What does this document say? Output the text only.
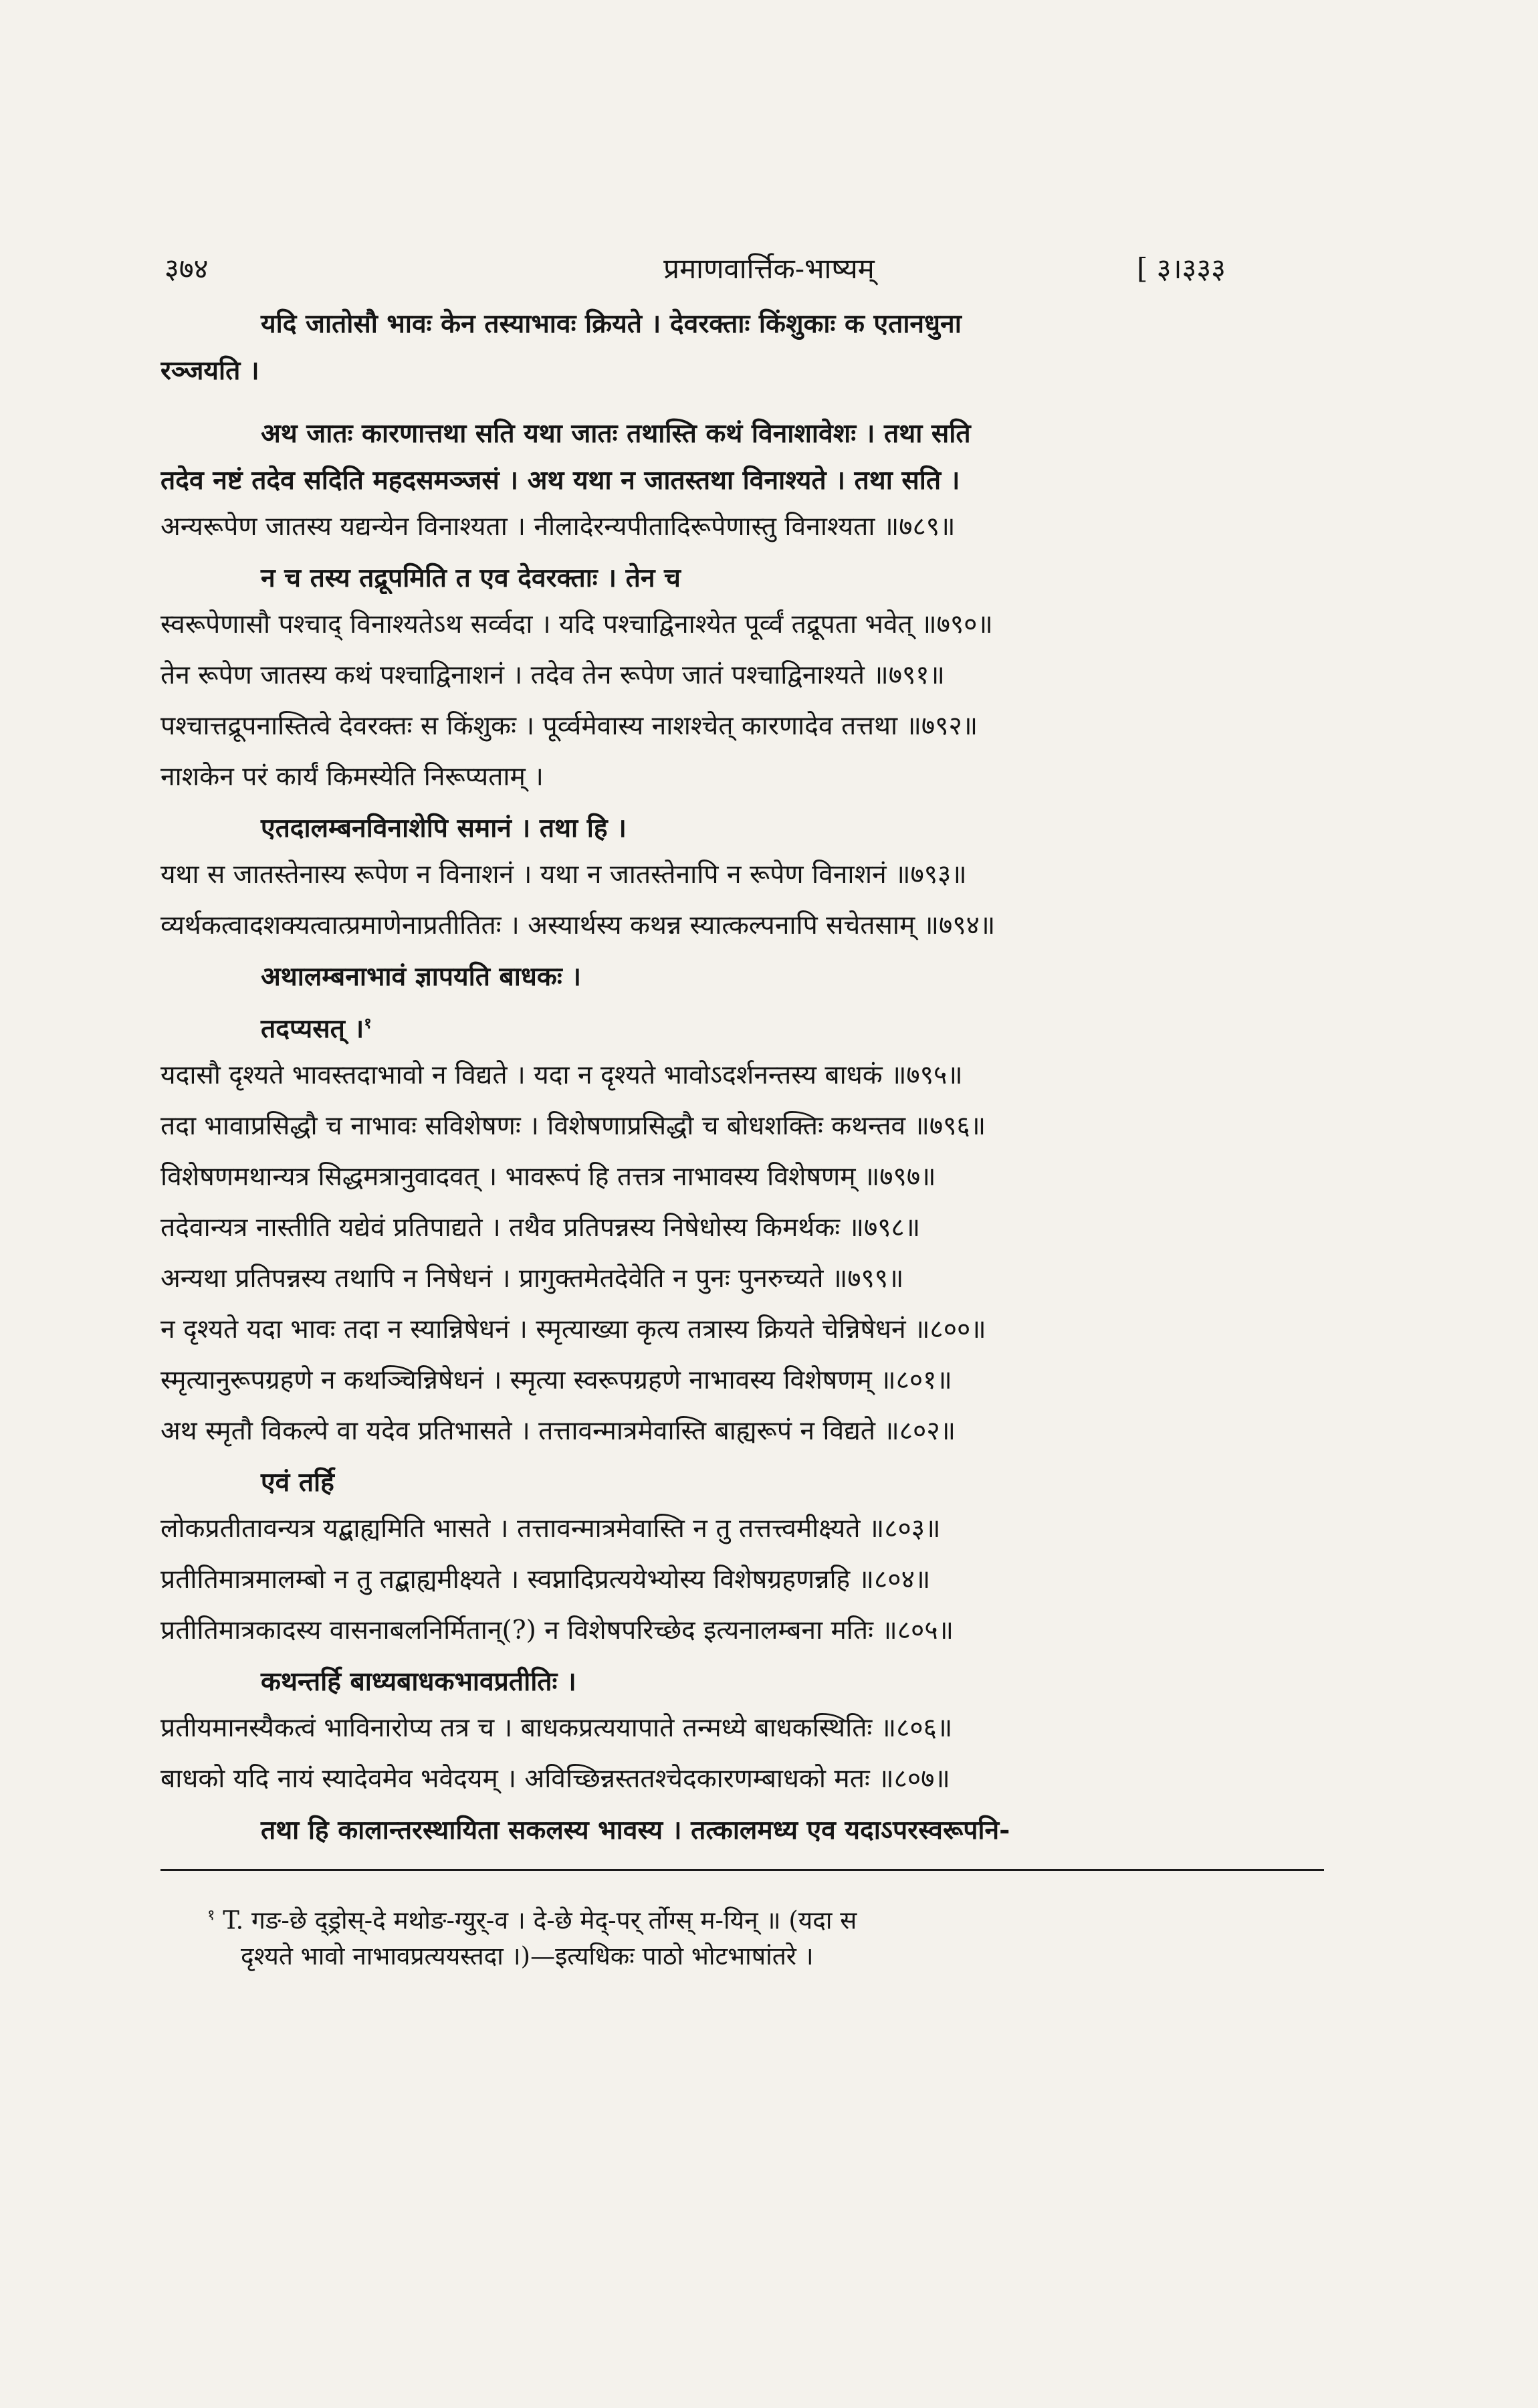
३७४	प्रमाणवार्त्तिक-भाष्यम्	[ ३।३३३
यदि जातोसौ भावः केन तस्याभावः क्रियते । देवरक्ताः किंशुकाः क एतानधुना
रञ्जयति ।
अथ जातः कारणात्तथा सति यथा जातः तथास्ति कथं विनाशावेशः । तथा सति
तदेव नष्टं तदेव सदिति महदसमञ्जसं । अथ यथा न जातस्तथा विनाश्यते । तथा सति ।
अन्यरूपेण जातस्य यद्यन्येन विनाश्यता । नीलादेरन्यपीतादिरूपेणास्तु विनाश्यता ॥७८९॥
न च तस्य तद्रूपमिति त एव देवरक्ताः । तेन च
स्वरूपेणासौ पश्चाद् विनाश्यतेऽथ सर्व्वदा । यदि पश्चाद्विनाश्येत पूर्व्वं तद्रूपता भवेत् ॥७९०॥
तेन रूपेण जातस्य कथं पश्चाद्विनाशनं । तदेव तेन रूपेण जातं पश्चाद्विनाश्यते ॥७९१॥
पश्चात्तद्रूपनास्तित्वे देवरक्तः स किंशुकः । पूर्व्वमेवास्य नाशश्चेत् कारणादेव तत्तथा ॥७९२॥
नाशकेन परं कार्यं किमस्येति निरूप्यताम् ।
एतदालम्बनविनाशेपि समानं । तथा हि ।
यथा स जातस्तेनास्य रूपेण न विनाशनं । यथा न जातस्तेनापि न रूपेण विनाशनं ॥७९३॥
व्यर्थकत्वादशक्यत्वात्प्रमाणेनाप्रतीतितः । अस्यार्थस्य कथन्न स्यात्कल्पनापि सचेतसाम् ॥७९४॥
अथालम्बनाभावं ज्ञापयति बाधकः ।
तदप्यसत् ।$^१$
यदासौ दृश्यते भावस्तदाभावो न विद्यते । यदा न दृश्यते भावोऽदर्शनन्तस्य बाधकं ॥७९५॥
तदा भावाप्रसिद्धौ च नाभावः सविशेषणः । विशेषणाप्रसिद्धौ च बोधशक्तिः कथन्तव ॥७९६॥
विशेषणमथान्यत्र सिद्धमत्रानुवादवत् । भावरूपं हि तत्तत्र नाभावस्य विशेषणम् ॥७९७॥
तदेवान्यत्र नास्तीति यद्येवं प्रतिपाद्यते । तथैव प्रतिपन्नस्य निषेधोस्य किमर्थकः ॥७९८॥
अन्यथा प्रतिपन्नस्य तथापि न निषेधनं । प्रागुक्तमेतदेवेति न पुनः पुनरुच्यते ॥७९९॥
न दृश्यते यदा भावः तदा न स्यान्निषेधनं । स्मृत्याख्या कृत्य तत्रास्य क्रियते चेन्निषेधनं ॥८००॥
स्मृत्यानुरूपग्रहणे न कथञ्चिन्निषेधनं । स्मृत्या स्वरूपग्रहणे नाभावस्य विशेषणम् ॥८०१॥
अथ स्मृतौ विकल्पे वा यदेव प्रतिभासते । तत्तावन्मात्रमेवास्ति बाह्यरूपं न विद्यते ॥८०२॥
एवं तर्हि
लोकप्रतीतावन्यत्र यद्बाह्यमिति भासते । तत्तावन्मात्रमेवास्ति न तु तत्तत्त्वमीक्ष्यते ॥८०३॥
प्रतीतिमात्रमालम्बो न तु तद्बाह्यमीक्ष्यते । स्वप्नादिप्रत्ययेभ्योस्य विशेषग्रहणन्नहि ॥८०४॥
प्रतीतिमात्रकादस्य वासनाबलनिर्मितान्(?) न विशेषपरिच्छेद इत्यनालम्बना मतिः ॥८०५॥
कथन्तर्हि बाध्यबाधकभावप्रतीतिः ।
प्रतीयमानस्यैकत्वं भाविनारोप्य तत्र च । बाधकप्रत्ययापाते तन्मध्ये बाधकस्थितिः ॥८०६॥
बाधको यदि नायं स्यादेवमेव भवेदयम् । अविच्छिन्नस्ततश्चेदकारणम्बाधको मतः ॥८०७॥
तथा हि कालान्तरस्थायिता सकलस्य भावस्य । तत्कालमध्य एव यदाऽपरस्वरूपनि-
$^१$ T. गङ-छे द्ड्रोस्-दे मथोङ-ग्युर्-व । दे-छे मेद्-पर् र्तोग्स् म-यिन् ॥ (यदा स
दृश्यते भावो नाभावप्रत्ययस्तदा ।)—इत्यधिकः पाठो भोटभाषांतरे ।
